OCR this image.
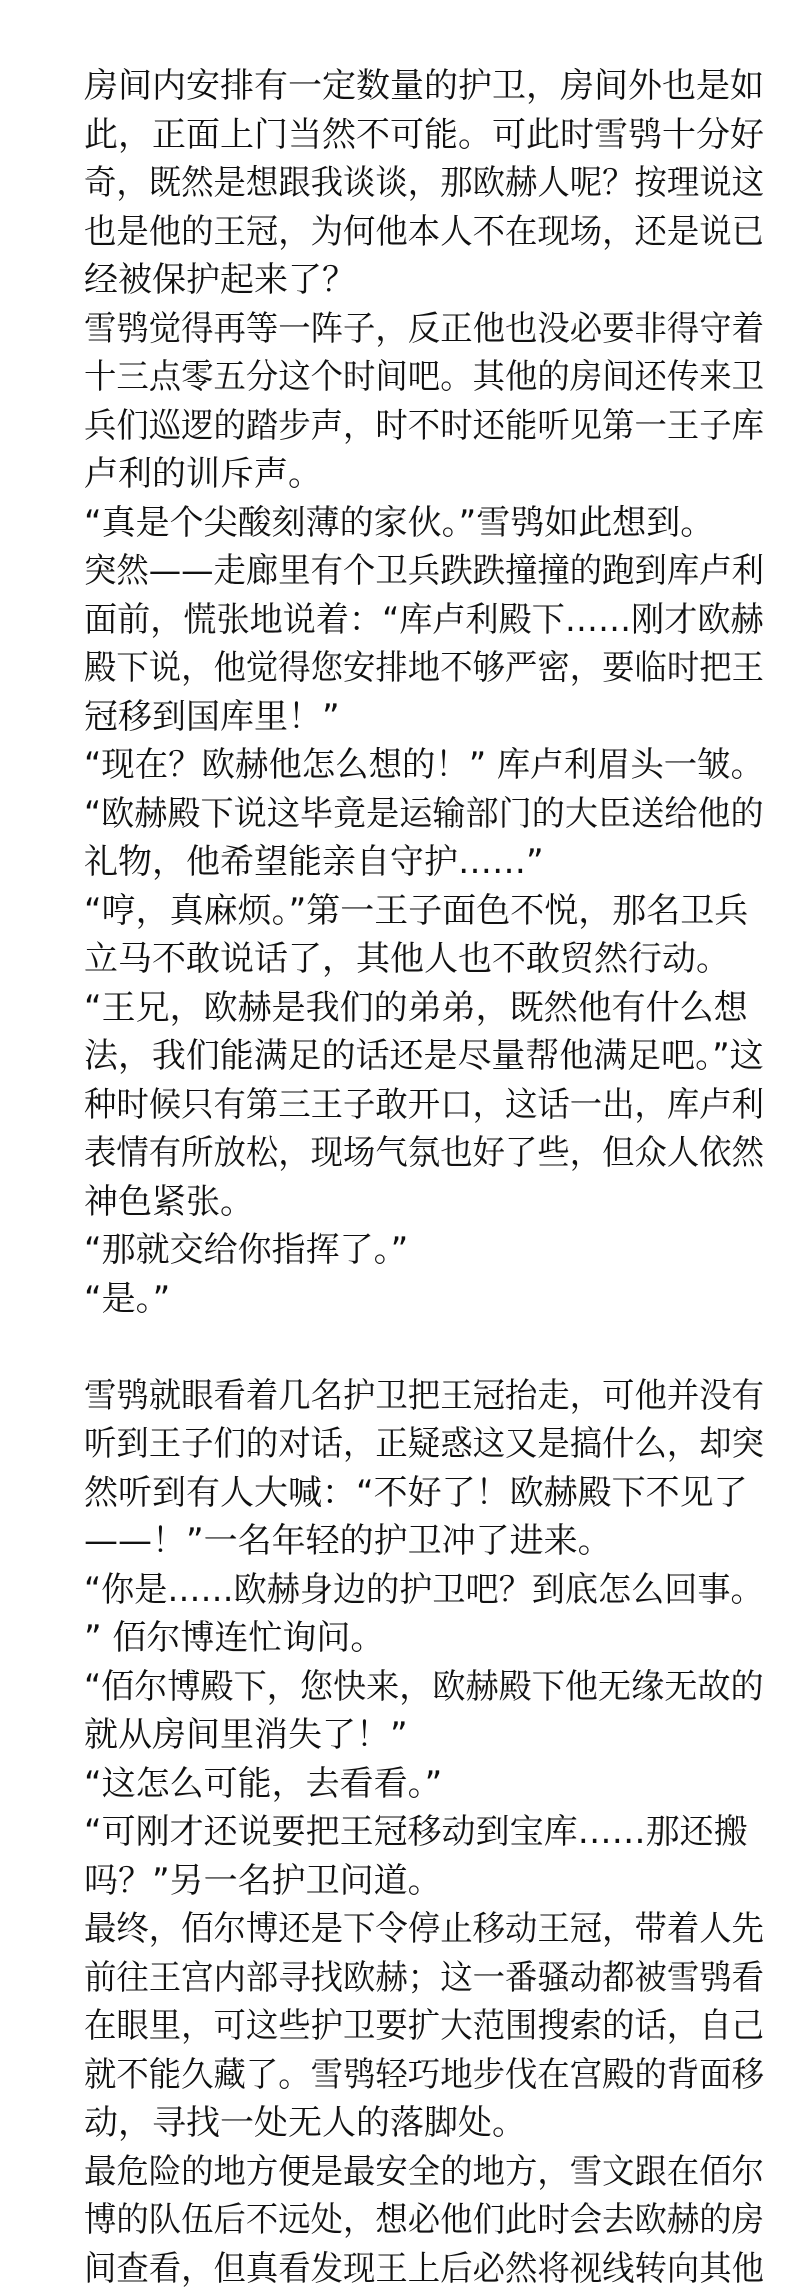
房间内安排有一定数量的护卫，房间外也是如
此，正面上门当然不可能。可此时雪鸮十分好
奇，既然是想跟我谈谈，那欧赫人呢？按理说这
也是他的王冠，为何他本人不在现场，还是说已
经被保护起来了？
雪鸮觉得再等一阵子，反正他也没必要非得守着
十三点零五分这个时间吧。其他的房间还传来卫
兵们巡逻的踏步声，时不时还能听见第一王子库
卢利的训斥声。
“真是个尖酸刻薄的家伙。”雪鸮如此想到。
突然——走廊里有个卫兵跌跌撞撞的跑到库卢利
面前，慌张地说着：“库卢利殿下……刚才欧赫
殿下说，他觉得您安排地不够严密，要临时把王
冠移到国库里！”
“现在？欧赫他怎么想的！” 库卢利眉头一皱。
“欧赫殿下说这毕竟是运输部门的大臣送给他的
礼物，他希望能亲自守护……”
“哼，真麻烦。”第一王子面色不悦，那名卫兵
立马不敢说话了，其他人也不敢贸然行动。
“王兄，欧赫是我们的弟弟，既然他有什么想
法，我们能满足的话还是尽量帮他满足吧。”这
种时候只有第三王子敢开口，这话一出，库卢利
表情有所放松，现场气氛也好了些，但众人依然
神色紧张。
“那就交给你指挥了。”
“是。”
雪鸮就眼看着几名护卫把王冠抬走，可他并没有
听到王子们的对话，正疑惑这又是搞什么，却突
然听到有人大喊：“不好了！欧赫殿下不见了
——！”一名年轻的护卫冲了进来。
“你是……欧赫身边的护卫吧？到底怎么回事。
” 佰尔博连忙询问。
“佰尔博殿下，您快来，欧赫殿下他无缘无故的
就从房间里消失了！”
“这怎么可能，去看看。”
“可刚才还说要把王冠移动到宝库……那还搬
吗？”另一名护卫问道。
最终，佰尔博还是下令停止移动王冠，带着人先
前往王宫内部寻找欧赫；这一番骚动都被雪鸮看
在眼里，可这些护卫要扩大范围搜索的话，自己
就不能久藏了。雪鸮轻巧地步伐在宫殿的背面移
动，寻找一处无人的落脚处。
最危险的地方便是最安全的地方，雪文跟在佰尔
博的队伍后不远处，想必他们此时会去欧赫的房
间查看，但真看发现王上后必然将视线转向其他
